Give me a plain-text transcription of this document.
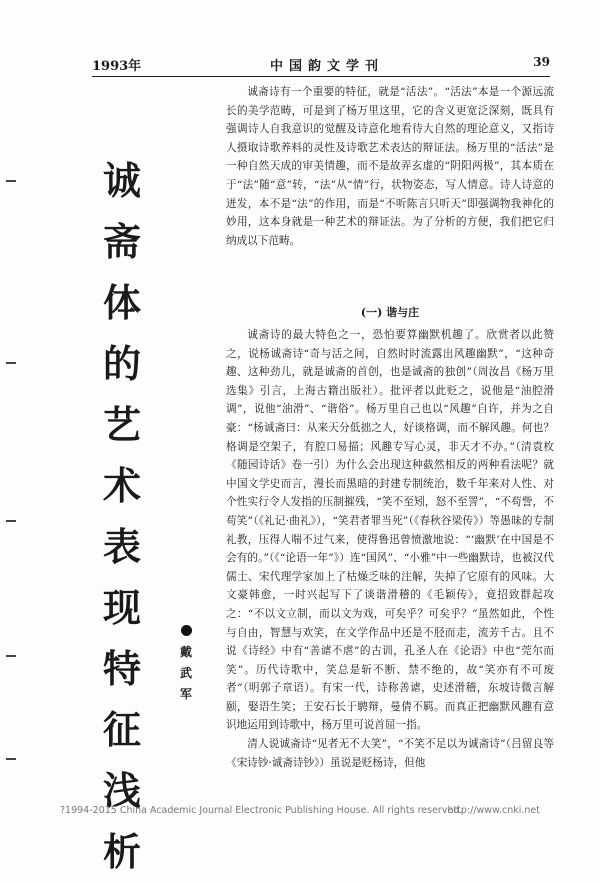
1993年	中国韵文学刊	39
诚
斋
体
的
艺
术
表
现
特
征
浅
析
戴
武
军

诚斋诗有一个重要的特征，就是“活法”。“活法”本是一个源远流长的美学范畴，可是到了杨万里这里，它的含义更宽泛深刻，既具有强调诗人自我意识的觉醒及诗意化地看待大自然的理论意义，又指诗人摄取诗歌养料的灵性及诗歌艺术表达的辩证法。杨万里的“活法”是一种自然天成的审美情趣，而不是故弄玄虚的“阴阳两极”，其本质在于“法”随“意”转，“法”从“情”行，状物姿态，写人情意。诗人诗意的迸发，本不是“法”的作用，而是“不听陈言只听天”即强调物我神化的妙用，这本身就是一种艺术的辩证法。为了分析的方便，我们把它归纳成以下范畴。

(一) 谐与庄

诚斋诗的最大特色之一，恐怕要算幽默机趣了。欣赏者以此赞之，说杨诚斋诗“奇与活之间，自然时时流露出风趣幽默”，“这种奇趣、这种劲儿，就是诚斋的首创，也是诚斋的独创”（周汝昌《杨万里选集》引言，上海古籍出版社）。批评者以此贬之，说他是“油腔滑调”，说他“油滑”、“谐俗”。杨万里自己也以“风趣”自许，并为之自豪：“杨诚斋曰：从来天分低拙之人，好谈格调，而不解风趣。何也？格调是空架子，有腔口易描；风趣专写心灵，非天才不办。”（清袁枚《随园诗话》卷一引）为什么会出现这种截然相反的两种看法呢？就中国文学史而言，漫长而黑暗的封建专制统治，数千年来对人性、对个性实行令人发指的压制摧残，“笑不至矧，怒不至詈”，“不苟訾，不苟笑”（《礼记·曲礼》），“笑君者罪当死”（《春秋谷梁传》）等愚昧的专制礼教，压得人喘不过气来，使得鲁迅曾愤激地说：“‘幽默’在中国是不会有的。”（《“论语一年”》）连“国风”、“小雅”中一些幽默诗，也被汉代儒士、宋代理学家加上了枯燥乏味的注解，失掉了它原有的风味。大文豪韩愈，一时兴起写下了谈谐滑稽的《毛颖传》，竟招致群起攻之：“不以文立制，而以文为戏，可矣乎？可矣乎？”虽然如此，个性与自由，智慧与欢笑，在文学作品中还是不胫而走，流芳千古。且不说《诗经》中有“善谑不虐”的古训，孔圣人在《论语》中也“莞尔而笑”。历代诗歌中，笑总是斩不断、禁不绝的，故“笑亦有不可废者”（明郭子章语）。有宋一代，诗称善谑，史述滑稽，东坡诗微言解颐，娶语生笑；王安石长于騁辩，曼倩不羁。而真正把幽默风趣有意识地运用到诗歌中，杨万里可说首屈一指。

清人说诚斋诗“见者无不大笑”，“不笑不足以为诚斋诗”（吕留良等《宋诗钞·诚斋诗钞》）虽说是贬杨诗，但他

?1994-2015 China Academic Journal Electronic Publishing House. All rights reserved.
http://www.cnki.net
